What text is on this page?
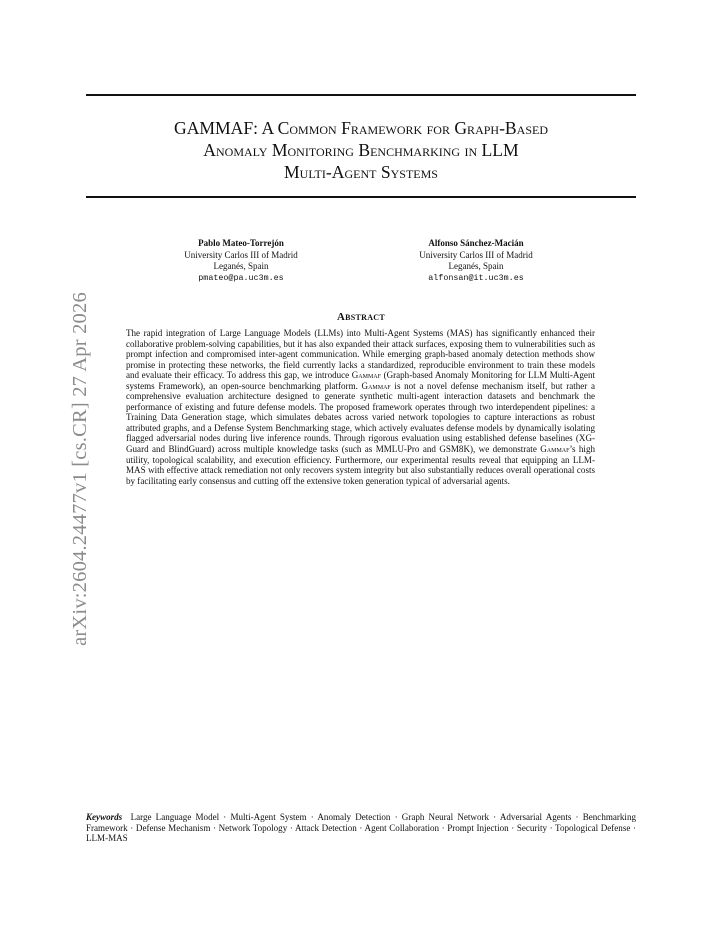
arXiv:2604.24477v1 [cs.CR] 27 Apr 2026
GAMMAF: A Common Framework for Graph-Based
Anomaly Monitoring Benchmarking in LLM
Multi-Agent Systems
Pablo Mateo-Torrejón
University Carlos III of Madrid
Leganés, Spain
pmateo@pa.uc3m.es
Alfonso Sánchez-Macián
University Carlos III of Madrid
Leganés, Spain
alfonsan@it.uc3m.es
Abstract
The rapid integration of Large Language Models (LLMs) into Multi-Agent Systems (MAS) has significantly enhanced their collaborative problem-solving capabilities, but it has also expanded their attack surfaces, exposing them to vulnerabilities such as prompt infection and compromised inter-agent communication. While emerging graph-based anomaly detection methods show promise in protecting these networks, the field currently lacks a standardized, reproducible environment to train these models and evaluate their efficacy. To address this gap, we introduce Gammaf (Graph-based Anomaly Monitoring for LLM Multi-Agent systems Framework), an open-source benchmarking platform. Gammaf is not a novel defense mechanism itself, but rather a comprehensive evaluation architecture designed to generate synthetic multi-agent interaction datasets and benchmark the performance of existing and future defense models. The proposed framework operates through two interdependent pipelines: a Training Data Generation stage, which simulates debates across varied network topologies to capture interactions as robust attributed graphs, and a Defense System Benchmarking stage, which actively evaluates defense models by dynamically isolating flagged adversarial nodes during live inference rounds. Through rigorous evaluation using established defense baselines (XG-Guard and BlindGuard) across multiple knowledge tasks (such as MMLU-Pro and GSM8K), we demonstrate Gammaf’s high utility, topological scalability, and execution efficiency. Furthermore, our experimental results reveal that equipping an LLM-MAS with effective attack remediation not only recovers system integrity but also substantially reduces overall operational costs by facilitating early consensus and cutting off the extensive token generation typical of adversarial agents.
Keywords Large Language Model · Multi-Agent System · Anomaly Detection · Graph Neural Network · Adversarial Agents · Benchmarking Framework · Defense Mechanism · Network Topology · Attack Detection · Agent Collaboration · Prompt Injection · Security · Topological Defense · LLM-MAS
